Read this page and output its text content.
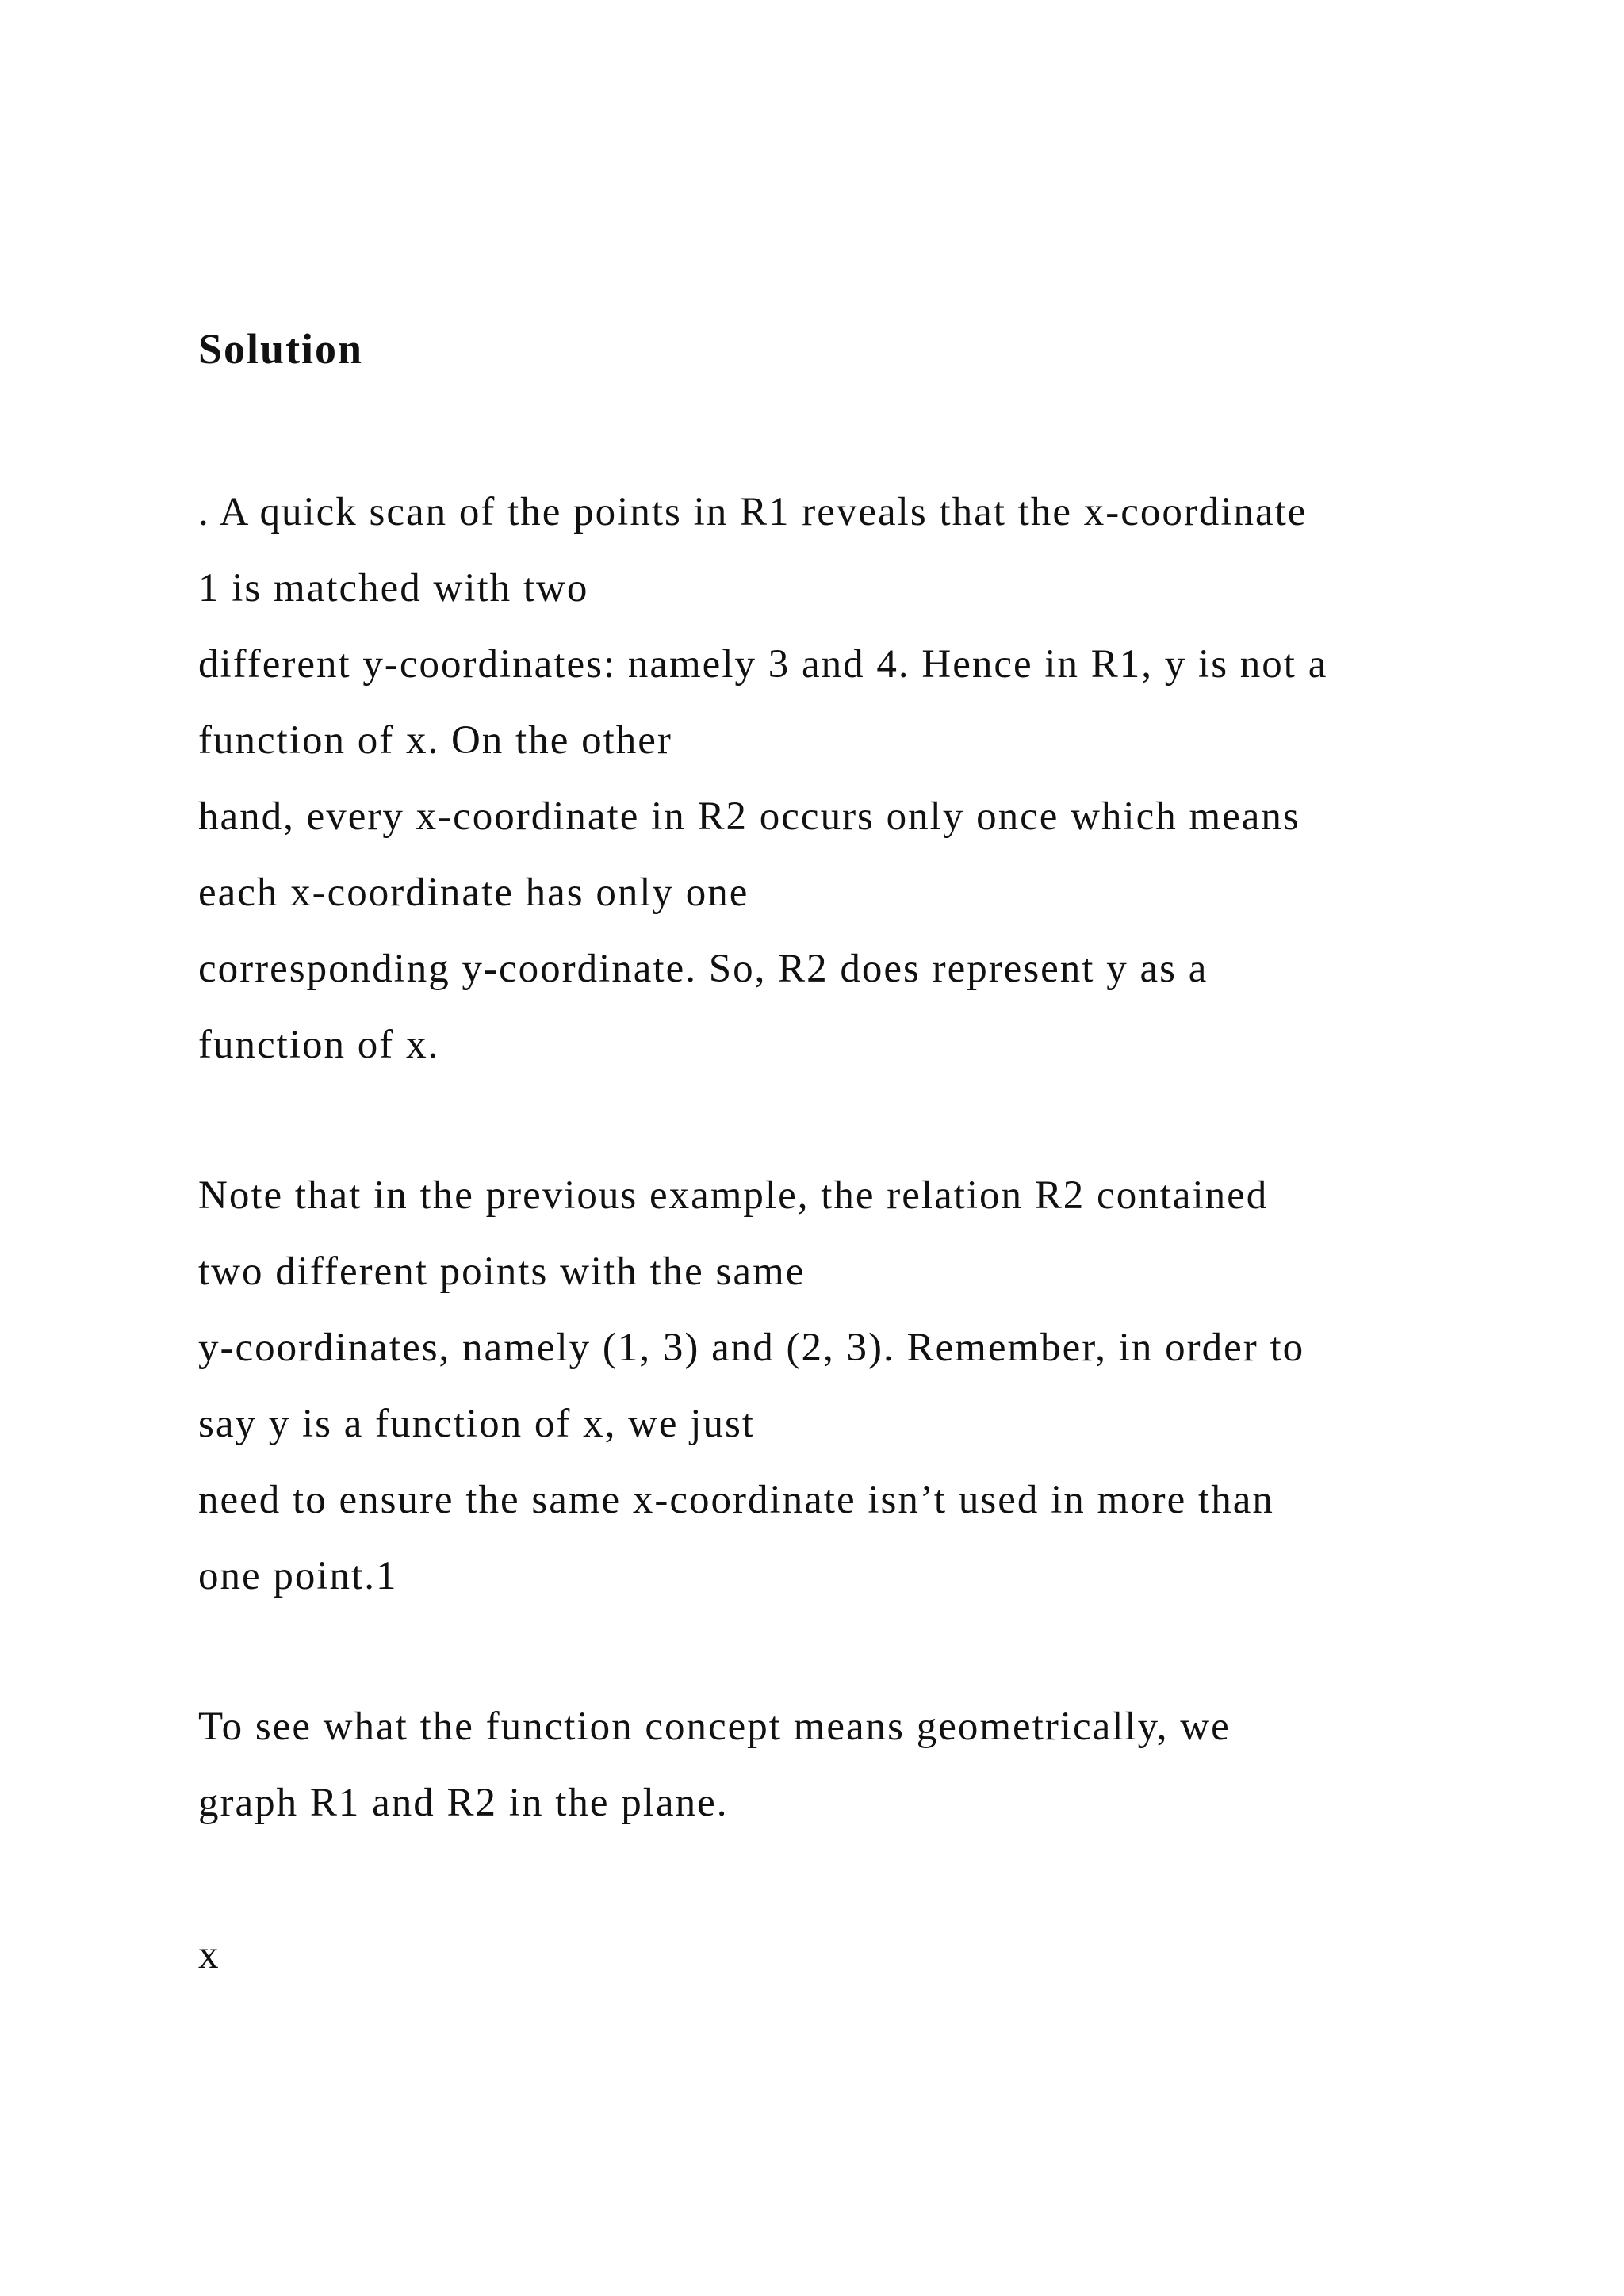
Solution

. A quick scan of the points in R1 reveals that the x-coordinate
1 is matched with two
different y-coordinates: namely 3 and 4. Hence in R1, y is not a
function of x. On the other
hand, every x-coordinate in R2 occurs only once which means
each x-coordinate has only one
corresponding y-coordinate. So, R2 does represent y as a
function of x.

Note that in the previous example, the relation R2 contained
two different points with the same
y-coordinates, namely (1, 3) and (2, 3). Remember, in order to
say y is a function of x, we just
need to ensure the same x-coordinate isn’t used in more than
one point.1

To see what the function concept means geometrically, we
graph R1 and R2 in the plane.

x
